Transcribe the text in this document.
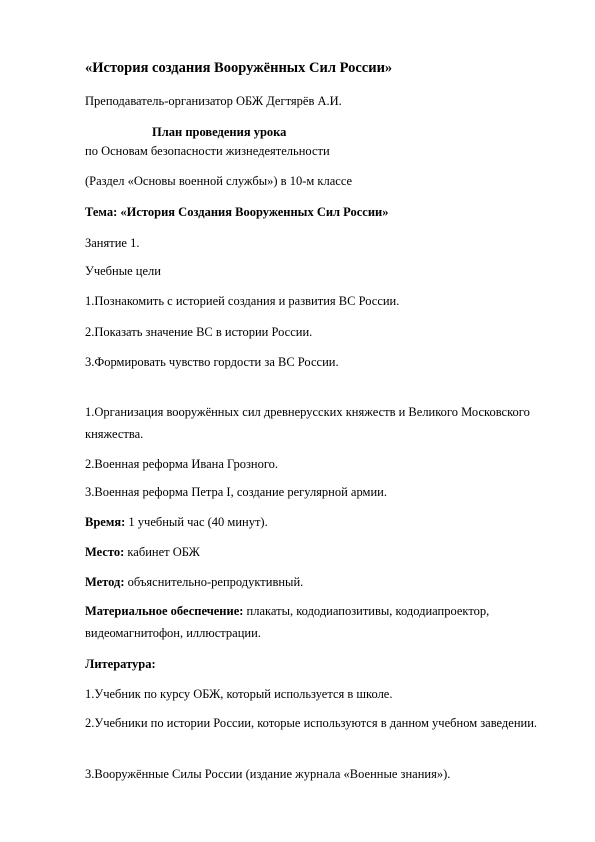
«История создания Вооружённых Сил России»
Преподаватель-организатор ОБЖ Дегтярёв А.И.
План проведения урока
по Основам безопасности жизнедеятельности
(Раздел «Основы военной службы») в 10-м классе
Тема: «История Создания Вооруженных Сил России»
Занятие 1.
Учебные цели
1.Познакомить с историей создания и развития ВС России.
2.Показать значение ВС в истории России.
3.Формировать чувство гордости за ВС России.
1.Организация вооружённых сил древнерусских княжеств и Великого Московского княжества.
2.Военная реформа Ивана Грозного.
3.Военная реформа Петра I, создание регулярной армии.
Время: 1 учебный час (40 минут).
Место: кабинет ОБЖ
Метод: объяснительно-репродуктивный.
Материальное обеспечение: плакаты, кододиапозитивы, кододиапроектор, видеомагнитофон, иллюстрации.
Литература:
1.Учебник по курсу ОБЖ, который используется в школе.
2.Учебники по истории России, которые используются в данном учебном заведении.
3.Вооружённые Силы России (издание журнала «Военные знания»).
